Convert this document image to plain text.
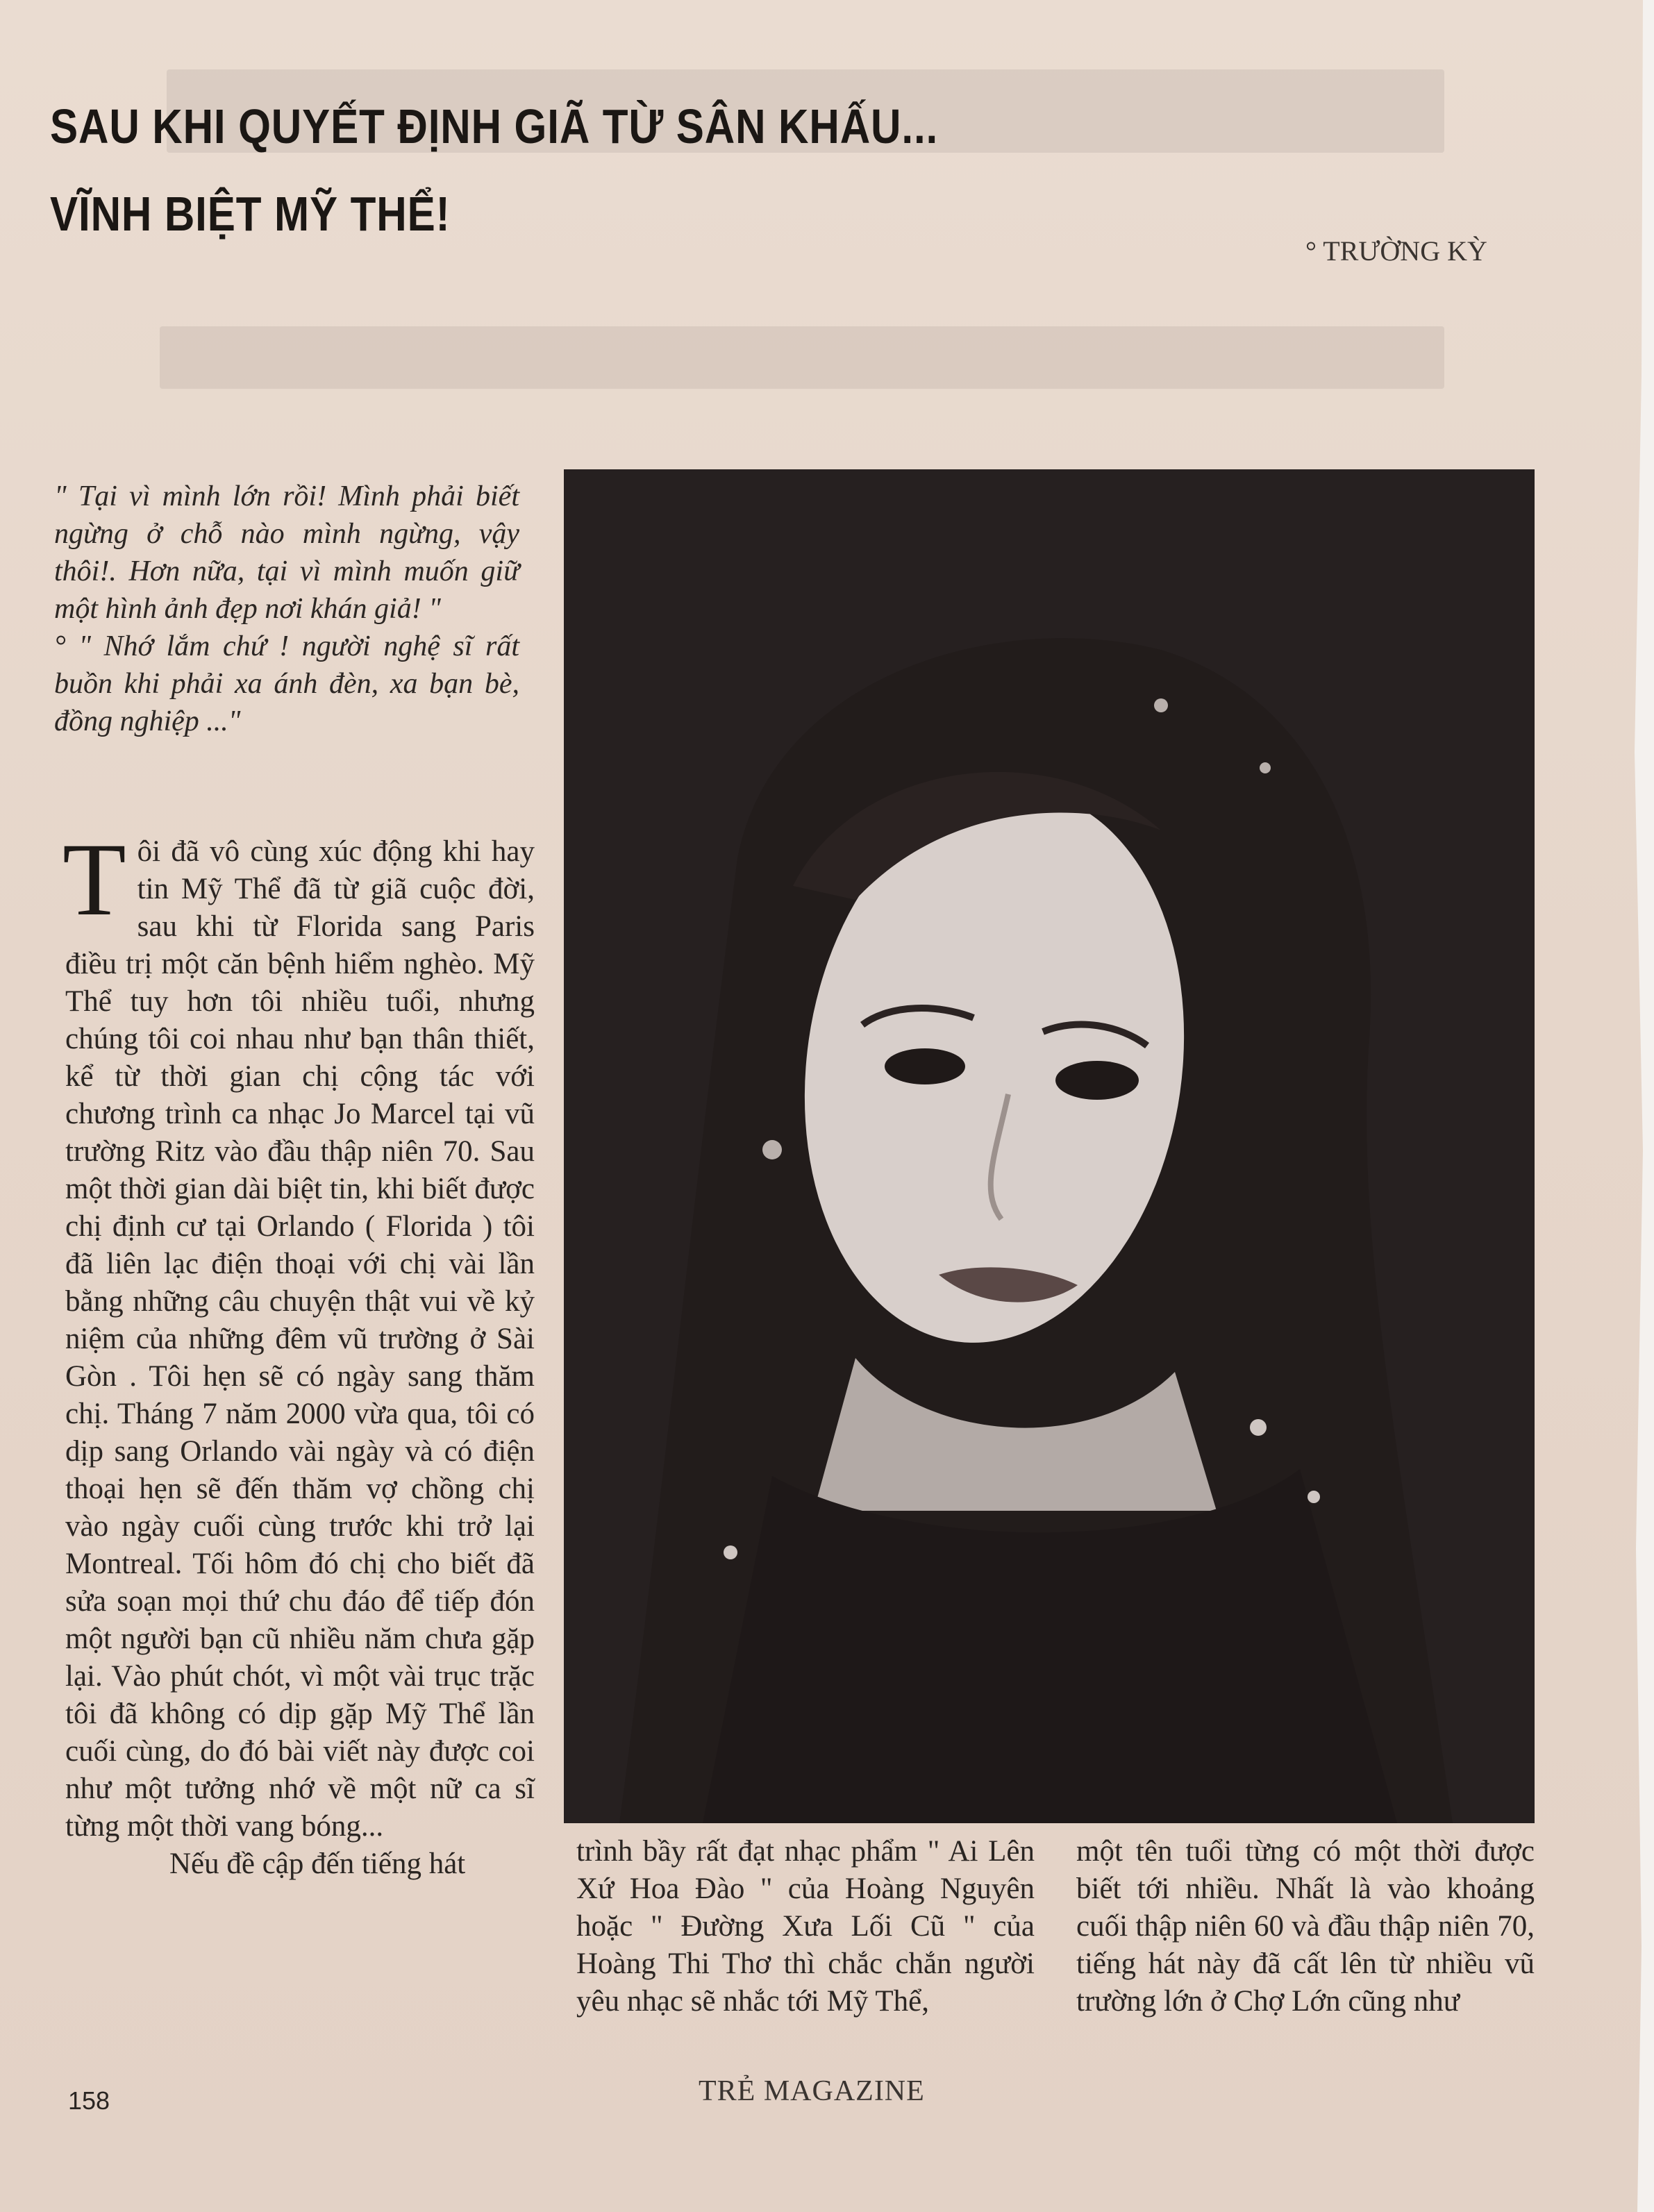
SAU KHI QUYẾT ĐỊNH GIÃ TỪ SÂN KHẤU...
VĨNH BIỆT MỸ THỂ!
° TRƯỜNG KỲ

" Tại vì mình lớn rồi! Mình phải biết ngừng ở chỗ nào mình ngừng, vậy thôi!. Hơn nữa, tại vì mình muốn giữ một hình ảnh đẹp nơi khán giả! "

° " Nhớ lắm chứ ! người nghệ sĩ rất buồn khi phải xa ánh đèn, xa bạn bè, đồng nghiệp ..."

Tôi đã vô cùng xúc động khi hay tin Mỹ Thể đã từ giã cuộc đời, sau khi từ Florida sang Paris điều trị một căn bệnh hiểm nghèo. Mỹ Thể tuy hơn tôi nhiều tuổi, nhưng chúng tôi coi nhau như bạn thân thiết, kể từ thời gian chị cộng tác với chương trình ca nhạc Jo Marcel tại vũ trường Ritz vào đầu thập niên 70. Sau một thời gian dài biệt tin, khi biết được chị định cư tại Orlando ( Florida ) tôi đã liên lạc điện thoại với chị vài lần bằng những câu chuyện thật vui về kỷ niệm của những đêm vũ trường ở Sài Gòn . Tôi hẹn sẽ có ngày sang thăm chị. Tháng 7 năm 2000 vừa qua, tôi có dịp sang Orlando vài ngày và có điện thoại hẹn sẽ đến thăm vợ chồng chị vào ngày cuối cùng trước khi trở lại Montreal. Tối hôm đó chị cho biết đã sửa soạn mọi thứ chu đáo để tiếp đón một người bạn cũ nhiều năm chưa gặp lại. Vào phút chót, vì một vài trục trặc tôi đã không có dịp gặp Mỹ Thể lần cuối cùng, do đó bài viết này được coi như một tưởng nhớ về một nữ ca sĩ từng một thời vang bóng...

Nếu đề cập đến tiếng hát	trình bầy rất đạt nhạc phẩm " Ai Lên Xứ Hoa Đào " của Hoàng Nguyên hoặc " Đường Xưa Lối Cũ " của Hoàng Thi Thơ thì chắc chắn người yêu nhạc sẽ nhắc tới Mỹ Thể,

một tên tuổi từng có một thời được biết tới nhiều. Nhất là vào khoảng cuối thập niên 60 và đầu thập niên 70, tiếng hát này đã cất lên từ nhiều vũ trường lớn ở Chợ Lớn cũng như

158	TRẺ MAGAZINE
